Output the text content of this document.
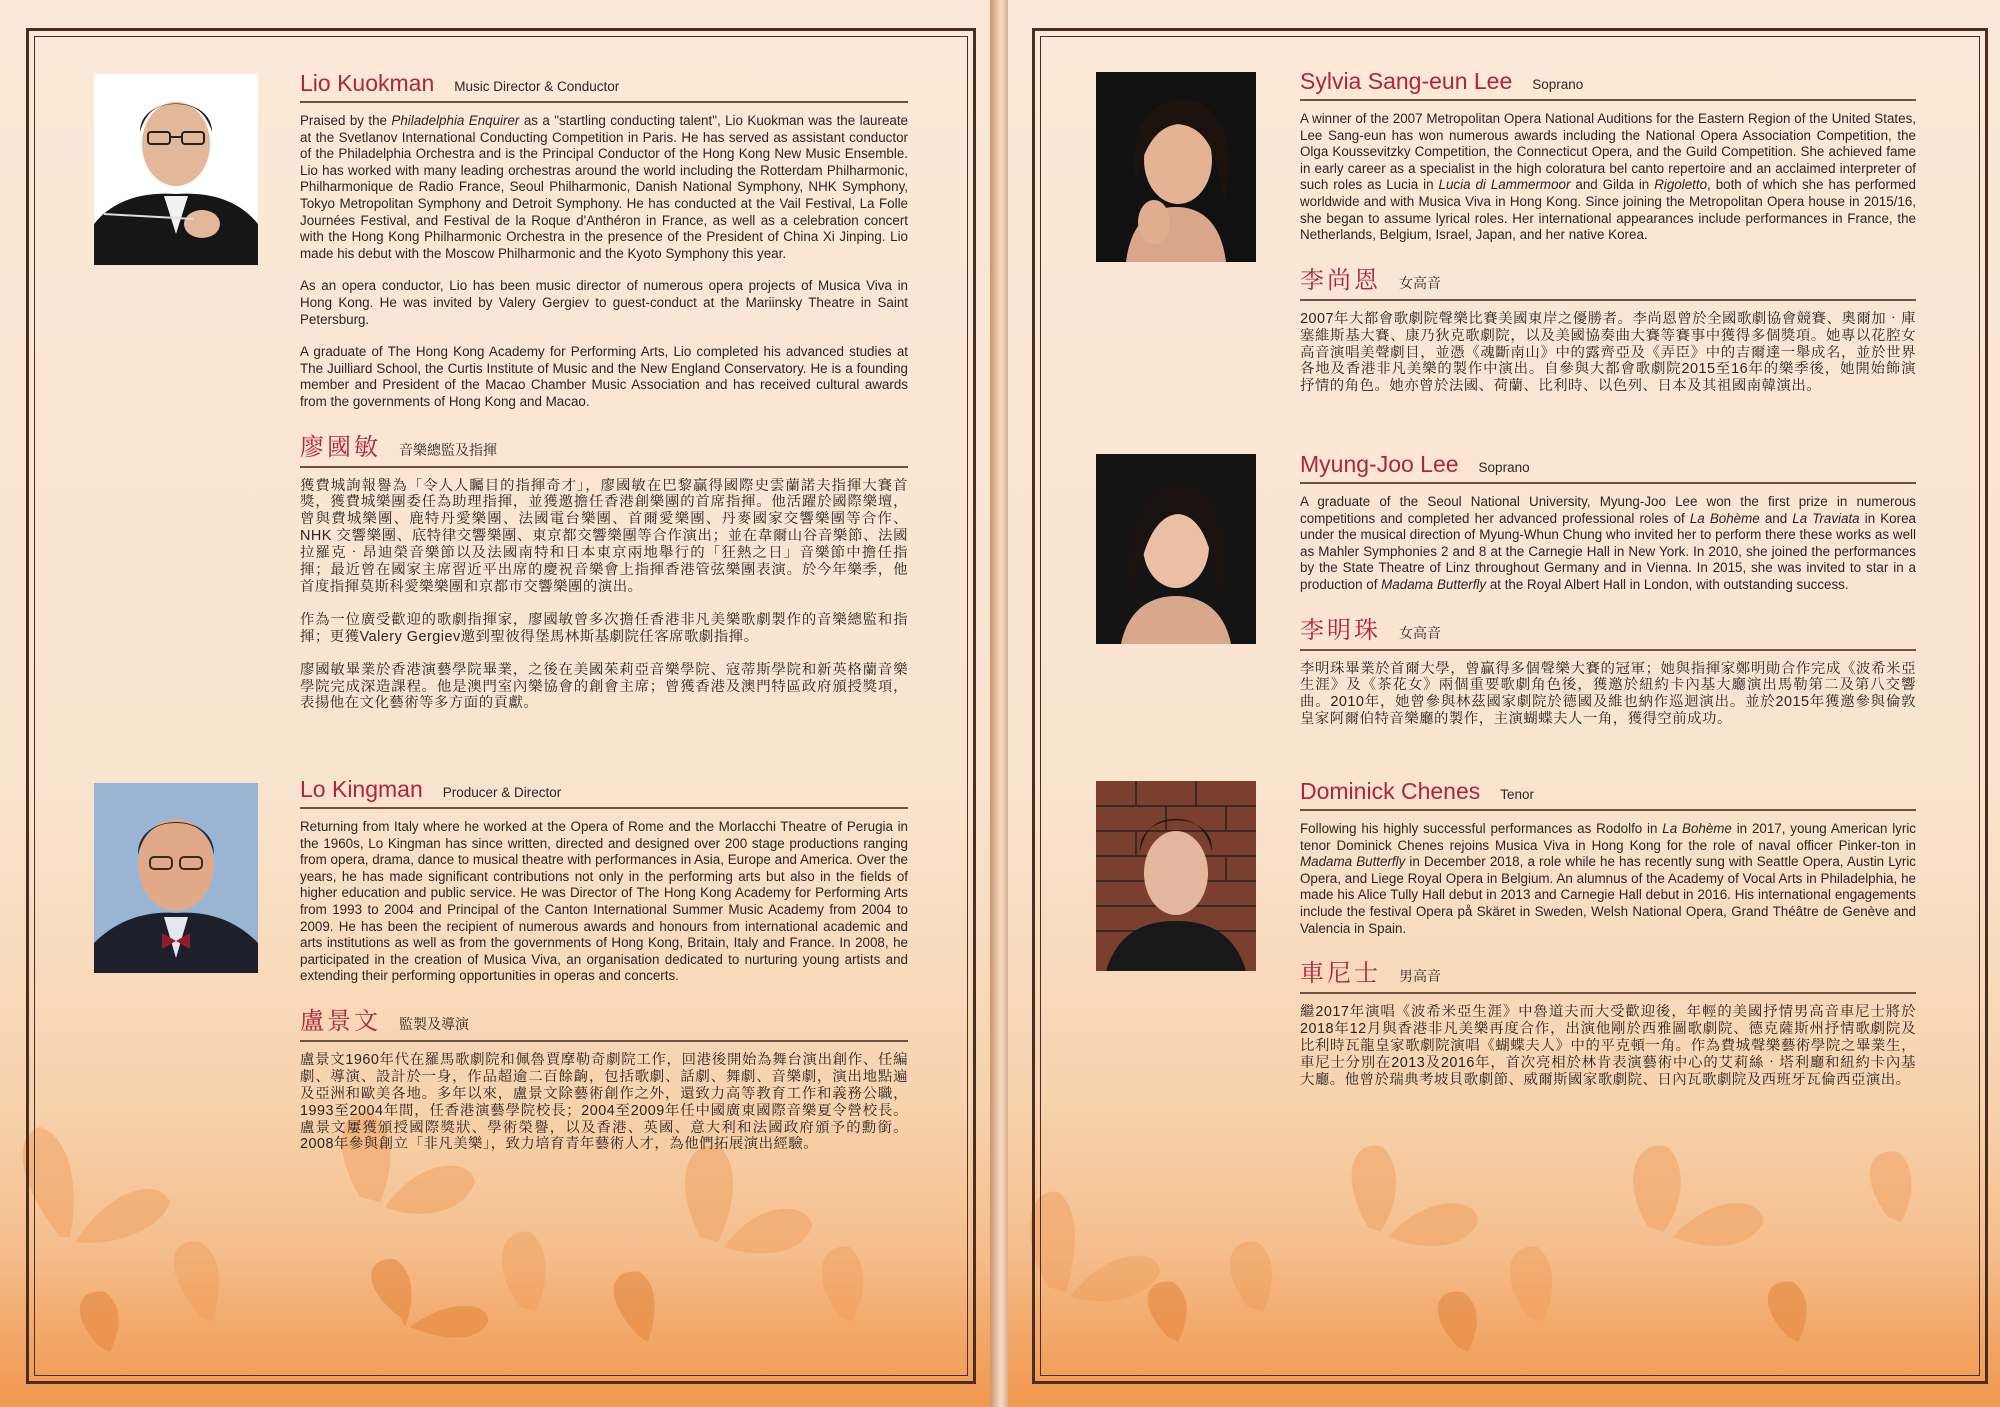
Lio Kuokman Music Director & Conductor

Praised by the Philadelphia Enquirer as a "startling conducting talent", Lio Kuokman was the laureate at the Svetlanov International Conducting Competition in Paris. He has served as assistant conductor of the Philadelphia Orchestra and is the Principal Conductor of the Hong Kong New Music Ensemble. Lio has worked with many leading orchestras around the world including the Rotterdam Philharmonic, Philharmonique de Radio France, Seoul Philharmonic, Danish National Symphony, NHK Symphony, Tokyo Metropolitan Symphony and Detroit Symphony. He has conducted at the Vail Festival, La Folle Journées Festival, and Festival de la Roque d'Anthéron in France, as well as a celebration concert with the Hong Kong Philharmonic Orchestra in the presence of the President of China Xi Jinping. Lio made his debut with the Moscow Philharmonic and the Kyoto Symphony this year.

As an opera conductor, Lio has been music director of numerous opera projects of Musica Viva in Hong Kong. He was invited by Valery Gergiev to guest-conduct at the Mariinsky Theatre in Saint Petersburg.

A graduate of The Hong Kong Academy for Performing Arts, Lio completed his advanced studies at The Juilliard School, the Curtis Institute of Music and the New England Conservatory. He is a founding member and President of the Macao Chamber Music Association and has received cultural awards from the governments of Hong Kong and Macao.

廖國敏 音樂總監及指揮

獲費城詢報譽為「令人人矚目的指揮奇才」，廖國敏在巴黎贏得國際史雲蘭諾夫指揮大賽首獎，獲費城樂團委任為助理指揮，並獲邀擔任香港創樂團的首席指揮。他活躍於國際樂壇，曾與費城樂團、鹿特丹愛樂團、法國電台樂團、首爾愛樂團、丹麥國家交響樂團等合作、NHK 交響樂團、底特律交響樂團、東京都交響樂團等合作演出；並在韋爾山谷音樂節、法國拉羅克‧昂迪榮音樂節以及法國南特和日本東京兩地舉行的「狂熱之日」音樂節中擔任指揮；最近曾在國家主席習近平出席的慶祝音樂會上指揮香港管弦樂團表演。於今年樂季，他首度指揮莫斯科愛樂樂團和京都市交響樂團的演出。

作為一位廣受歡迎的歌劇指揮家，廖國敏曾多次擔任香港非凡美樂歌劇製作的音樂總監和指揮；更獲Valery Gergiev邀到聖彼得堡馬林斯基劇院任客席歌劇指揮。

廖國敏畢業於香港演藝學院畢業，之後在美國茱莉亞音樂學院、寇蒂斯學院和新英格蘭音樂學院完成深造課程。他是澳門室內樂協會的創會主席；曾獲香港及澳門特區政府頒授獎項，表揚他在文化藝術等多方面的貢獻。

Lo Kingman Producer & Director

Returning from Italy where he worked at the Opera of Rome and the Morlacchi Theatre of Perugia in the 1960s, Lo Kingman has since written, directed and designed over 200 stage productions ranging from opera, drama, dance to musical theatre with performances in Asia, Europe and America. Over the years, he has made significant contributions not only in the performing arts but also in the fields of higher education and public service. He was Director of The Hong Kong Academy for Performing Arts from 1993 to 2004 and Principal of the Canton International Summer Music Academy from 2004 to 2009. He has been the recipient of numerous awards and honours from international academic and arts institutions as well as from the governments of Hong Kong, Britain, Italy and France. In 2008, he participated in the creation of Musica Viva, an organisation dedicated to nurturing young artists and extending their performing opportunities in operas and concerts.

盧景文 監製及導演

盧景文1960年代在羅馬歌劇院和佩魯賈摩勒奇劇院工作，回港後開始為舞台演出創作、任編劇、導演、設計於一身，作品超逾二百餘齣，包括歌劇、話劇、舞劇、音樂劇，演出地點遍及亞洲和歐美各地。多年以來，盧景文除藝術創作之外，還致力高等教育工作和義務公職，1993至2004年間，任香港演藝學院校長；2004至2009年任中國廣東國際音樂夏令營校長。盧景文屢獲頒授國際獎狀、學術榮譽，以及香港、英國、意大利和法國政府頒予的勳銜。2008年參與創立「非凡美樂」，致力培育青年藝術人才，為他們拓展演出經驗。

Sylvia Sang-eun Lee Soprano

A winner of the 2007 Metropolitan Opera National Auditions for the Eastern Region of the United States, Lee Sang-eun has won numerous awards including the National Opera Association Competition, the Olga Koussevitzky Competition, the Connecticut Opera, and the Guild Competition. She achieved fame in early career as a specialist in the high coloratura bel canto repertoire and an acclaimed interpreter of such roles as Lucia in Lucia di Lammermoor and Gilda in Rigoletto, both of which she has performed worldwide and with Musica Viva in Hong Kong. Since joining the Metropolitan Opera house in 2015/16, she began to assume lyrical roles. Her international appearances include performances in France, the Netherlands, Belgium, Israel, Japan, and her native Korea.

李尚恩 女高音

2007年大都會歌劇院聲樂比賽美國東岸之優勝者。李尚恩曾於全國歌劇協會競賽、奧爾加‧庫塞維斯基大賽、康乃狄克歌劇院，以及美國協奏曲大賽等賽事中獲得多個獎項。她專以花腔女高音演唱美聲劇目，並憑《魂斷南山》中的露齊亞及《弄臣》中的吉爾達一舉成名，並於世界各地及香港非凡美樂的製作中演出。自參與大都會歌劇院2015至16年的樂季後，她開始飾演抒情的角色。她亦曾於法國、荷蘭、比利時、以色列、日本及其祖國南韓演出。

Myung-Joo Lee Soprano

A graduate of the Seoul National University, Myung-Joo Lee won the first prize in numerous competitions and completed her advanced professional roles of La Bohème and La Traviata in Korea under the musical direction of Myung-Whun Chung who invited her to perform there these works as well as Mahler Symphonies 2 and 8 at the Carnegie Hall in New York. In 2010, she joined the performances by the State Theatre of Linz throughout Germany and in Vienna. In 2015, she was invited to star in a production of Madama Butterfly at the Royal Albert Hall in London, with outstanding success.

李明珠 女高音

李明珠畢業於首爾大學，曾贏得多個聲樂大賽的冠軍；她與指揮家鄭明勛合作完成《波希米亞生涯》及《茶花女》兩個重要歌劇角色後，獲邀於紐約卡內基大廳演出馬勒第二及第八交響曲。2010年，她曾參與林茲國家劇院於德國及維也納作巡迴演出。並於2015年獲邀參與倫敦皇家阿爾伯特音樂廳的製作，主演蝴蝶夫人一角，獲得空前成功。

Dominick Chenes Tenor

Following his highly successful performances as Rodolfo in La Bohème in 2017, young American lyric tenor Dominick Chenes rejoins Musica Viva in Hong Kong for the role of naval officer Pinker-ton in Madama Butterfly in December 2018, a role while he has recently sung with Seattle Opera, Austin Lyric Opera, and Liege Royal Opera in Belgium. An alumnus of the Academy of Vocal Arts in Philadelphia, he made his Alice Tully Hall debut in 2013 and Carnegie Hall debut in 2016. His international engagements include the festival Opera på Skäret in Sweden, Welsh National Opera, Grand Théâtre de Genève and Valencia in Spain.

車尼士 男高音

繼2017年演唱《波希米亞生涯》中魯道夫而大受歡迎後，年輕的美國抒情男高音車尼士將於2018年12月與香港非凡美樂再度合作，出演他剛於西雅圖歌劇院、德克薩斯州抒情歌劇院及比利時瓦龍皇家歌劇院演唱《蝴蝶夫人》中的平克頓一角。作為費城聲樂藝術學院之畢業生，車尼士分別在2013及2016年，首次亮相於林肯表演藝術中心的艾莉絲‧塔利廳和紐約卡內基大廳。他曾於瑞典考坡貝歌劇節、威爾斯國家歌劇院、日內瓦歌劇院及西班牙瓦倫西亞演出。
